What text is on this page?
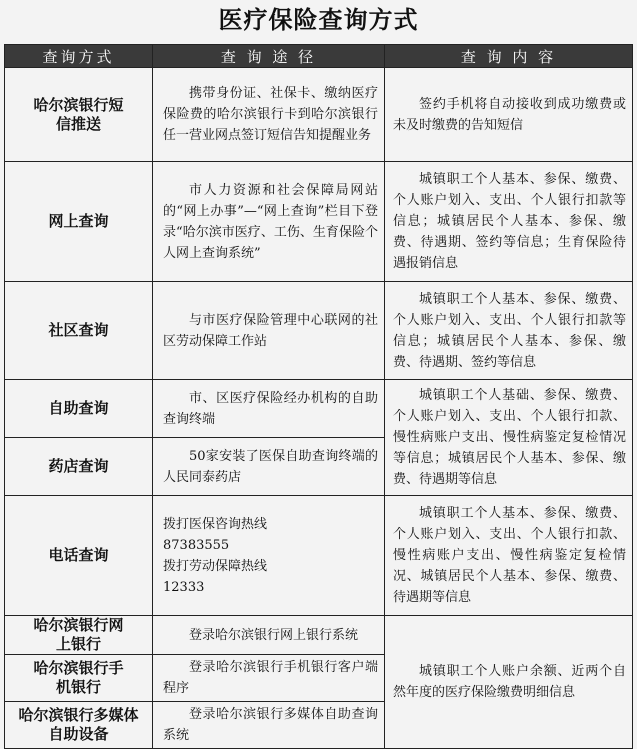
医疗保险查询方式
查询方式	查 询 途 径	查 询 内 容
哈尔滨银行短信推送	携带身份证、社保卡、缴纳医疗保险费的哈尔滨银行卡到哈尔滨银行任一营业网点签订短信告知提醒业务	签约手机将自动接收到成功缴费或未及时缴费的告知短信
网上查询	市人力资源和社会保障局网站的“网上办事”—“网上查询”栏目下登录“哈尔滨市医疗、工伤、生育保险个人网上查询系统”	城镇职工个人基本、参保、缴费、个人账户划入、支出、个人银行扣款等信息；城镇居民个人基本、参保、缴费、待遇期、签约等信息；生育保险待遇报销信息
社区查询	与市医疗保险管理中心联网的社区劳动保障工作站	城镇职工个人基本、参保、缴费、个人账户划入、支出、个人银行扣款等信息；城镇居民个人基本、参保、缴费、待遇期、签约等信息
自助查询	市、区医疗保险经办机构的自助查询终端	城镇职工个人基础、参保、缴费、个人账户划入、支出、个人银行扣款、慢性病账户支出、慢性病鉴定复检情况等信息；城镇居民个人基本、参保、缴费、待遇期等信息
药店查询	50家安装了医保自助查询终端的人民同泰药店	
电话查询	拨打医保咨询热线
87383555
拨打劳动保障热线
12333	城镇职工个人基本、参保、缴费、个人账户划入、支出、个人银行扣款、慢性病账户支出、慢性病鉴定复检情况、城镇居民个人基本、参保、缴费、待遇期等信息
哈尔滨银行网上银行	登录哈尔滨银行网上银行系统	城镇职工个人账户余额、近两个自然年度的医疗保险缴费明细信息
哈尔滨银行手机银行	登录哈尔滨银行手机银行客户端程序	
哈尔滨银行多媒体自助设备	登录哈尔滨银行多媒体自助查询系统	
